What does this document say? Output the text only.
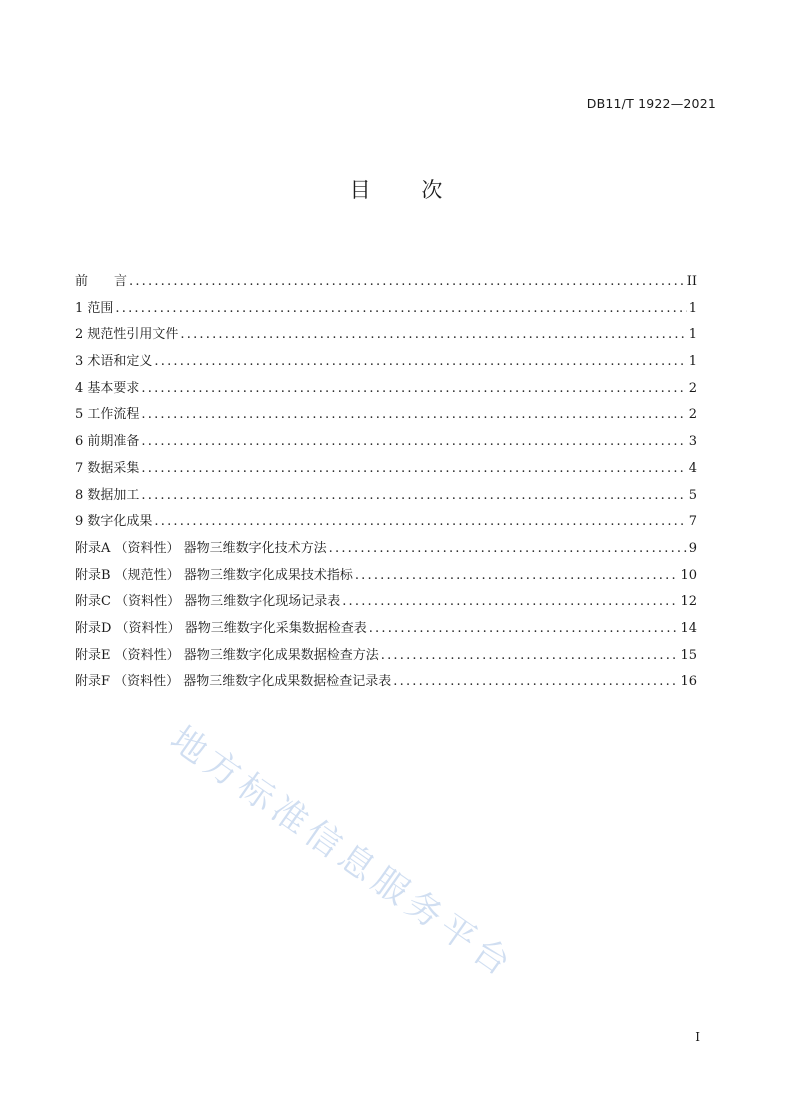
DB11/T 1922—2021
目 次
前　　言 .....	II
1 范围 .....	1
2 规范性引用文件 .....	1
3 术语和定义 .....	1
4 基本要求 .....	2
5 工作流程 .....	2
6 前期准备 .....	3
7 数据采集 .....	4
8 数据加工 .....	5
9 数字化成果 .....	7
附录A （资料性） 器物三维数字化技术方法 .....	9
附录B （规范性） 器物三维数字化成果技术指标 .....	10
附录C （资料性） 器物三维数字化现场记录表 .....	12
附录D （资料性） 器物三维数字化采集数据检查表 .....	14
附录E （资料性） 器物三维数字化成果数据检查方法 .....	15
附录F （资料性） 器物三维数字化成果数据检查记录表 .....	16
地方标准信息服务平台
I
